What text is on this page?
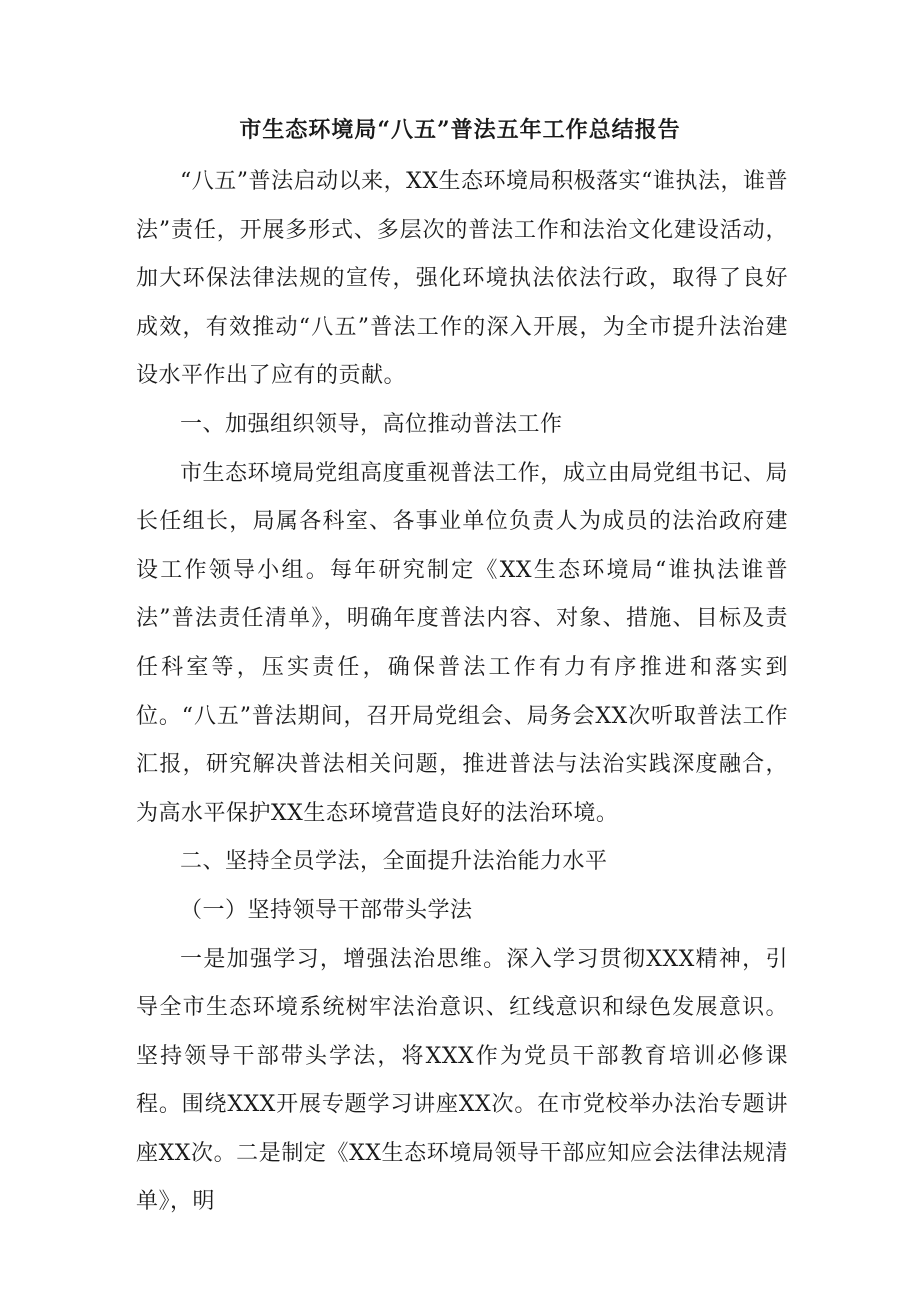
市生态环境局“八五”普法五年工作总结报告

“八五”普法启动以来，XX生态环境局积极落实“谁执法，谁普法”责任，开展多形式、多层次的普法工作和法治文化建设活动，加大环保法律法规的宣传，强化环境执法依法行政，取得了良好成效，有效推动“八五”普法工作的深入开展，为全市提升法治建设水平作出了应有的贡献。

一、加强组织领导，高位推动普法工作

市生态环境局党组高度重视普法工作，成立由局党组书记、局长任组长，局属各科室、各事业单位负责人为成员的法治政府建设工作领导小组。每年研究制定《XX生态环境局“谁执法谁普法”普法责任清单》，明确年度普法内容、对象、措施、目标及责任科室等，压实责任，确保普法工作有力有序推进和落实到位。“八五”普法期间，召开局党组会、局务会XX次听取普法工作汇报，研究解决普法相关问题，推进普法与法治实践深度融合，为高水平保护XX生态环境营造良好的法治环境。

二、坚持全员学法，全面提升法治能力水平

（一）坚持领导干部带头学法

一是加强学习，增强法治思维。深入学习贯彻XXX精神，引导全市生态环境系统树牢法治意识、红线意识和绿色发展意识。坚持领导干部带头学法，将XXX作为党员干部教育培训必修课程。围绕XXX开展专题学习讲座XX次。在市党校举办法治专题讲座XX次。二是制定《XX生态环境局领导干部应知应会法律法规清单》，明
